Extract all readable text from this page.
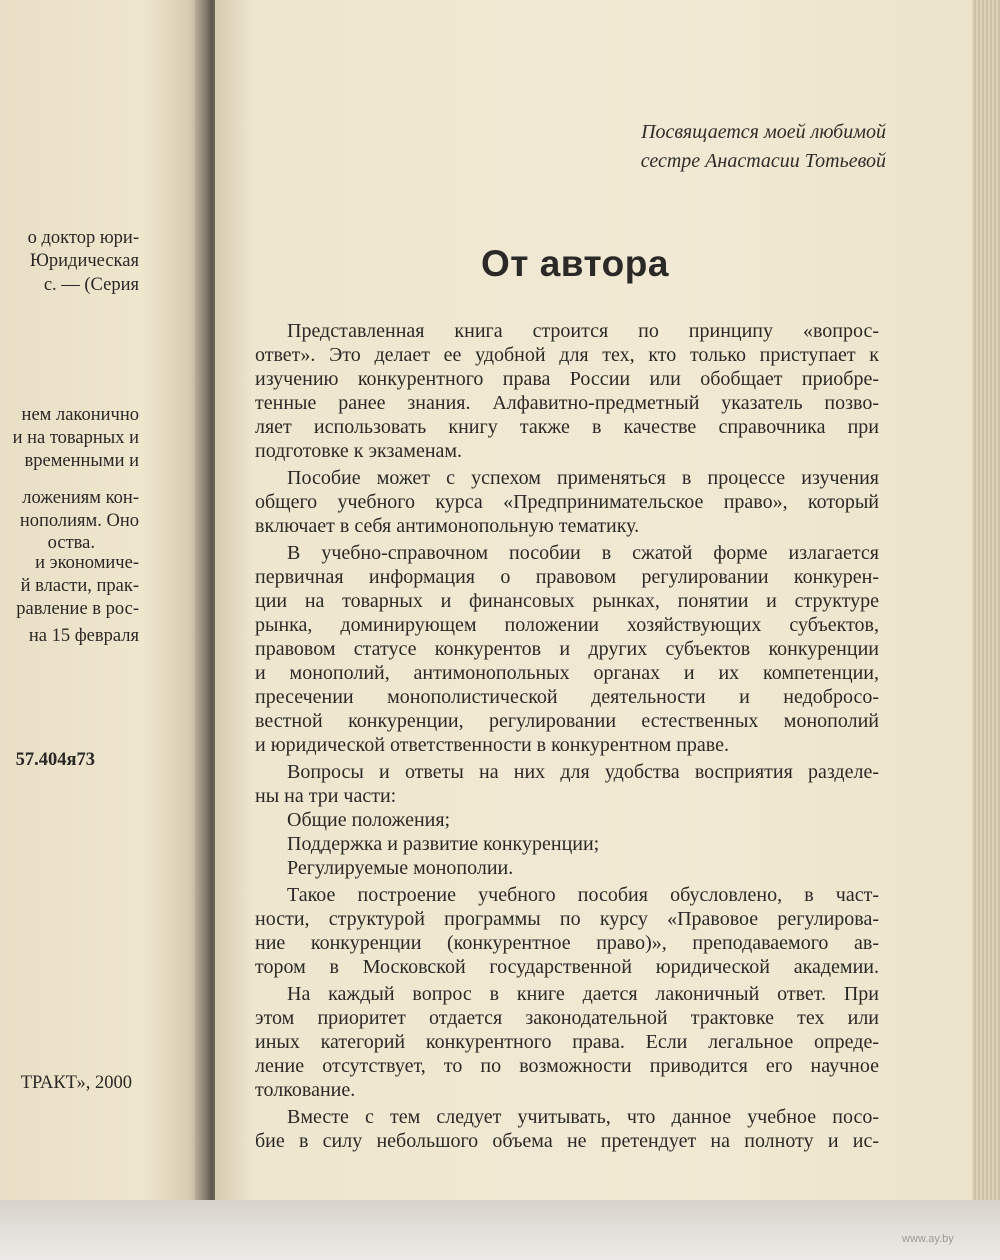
о доктор юри-
Юридическая
с. — (Серия
нем лаконично
и на товарных и
временными и
ложениям кон-
нополиям. Оно
оства.
и экономиче-
й власти, прак-
равление в рос-
на 15 февраля
57.404я73
ТРАКТ», 2000
Посвящается моей любимой
сестре Анастасии Тотьевой
От автора
Представленная книга строится по принципу «вопрос-
ответ». Это делает ее удобной для тех, кто только приступает к
изучению конкурентного права России или обобщает приобре-
тенные ранее знания. Алфавитно-предметный указатель позво-
ляет использовать книгу также в качестве справочника при
подготовке к экзаменам.
Пособие может с успехом применяться в процессе изучения
общего учебного курса «Предпринимательское право», который
включает в себя антимонопольную тематику.
В учебно-справочном пособии в сжатой форме излагается
первичная информация о правовом регулировании конкурен-
ции на товарных и финансовых рынках, понятии и структуре
рынка, доминирующем положении хозяйствующих субъектов,
правовом статусе конкурентов и других субъектов конкуренции
и монополий, антимонопольных органах и их компетенции,
пресечении монополистической деятельности и недобросо-
вестной конкуренции, регулировании естественных монополий
и юридической ответственности в конкурентном праве.
Вопросы и ответы на них для удобства восприятия разделе-
ны на три части:
Общие положения;
Поддержка и развитие конкуренции;
Регулируемые монополии.
Такое построение учебного пособия обусловлено, в част-
ности, структурой программы по курсу «Правовое регулирова-
ние конкуренции (конкурентное право)», преподаваемого ав-
тором в Московской государственной юридической академии.
На каждый вопрос в книге дается лаконичный ответ. При
этом приоритет отдается законодательной трактовке тех или
иных категорий конкурентного права. Если легальное опреде-
ление отсутствует, то по возможности приводится его научное
толкование.
Вместе с тем следует учитывать, что данное учебное посо-
бие в силу небольшого объема не претендует на полноту и ис-
www.ay.by
